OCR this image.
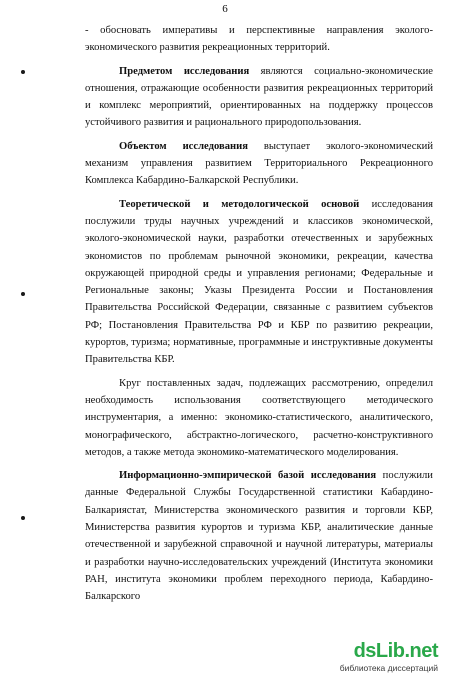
6

- обосновать императивы и перспективные направления эколого-экономического развития рекреационных территорий.

Предметом исследования являются социально-экономические отношения, отражающие особенности развития рекреационных территорий и комплекс мероприятий, ориентированных на поддержку процессов устойчивого развития и рационального природопользования.

Объектом исследования выступает эколого-экономический механизм управления развитием Территориального Рекреационного Комплекса Кабардино-Балкарской Республики.

Теоретической и методологической основой исследования послужили труды научных учреждений и классиков экономической, эколого-экономической науки, разработки отечественных и зарубежных экономистов по проблемам рыночной экономики, рекреации, качества окружающей природной среды и управления регионами; Федеральные и Региональные законы; Указы Президента России и Постановления Правительства Российской Федерации, связанные с развитием субъектов РФ; Постановления Правительства РФ и КБР по развитию рекреации, курортов, туризма; нормативные, программные и инструктивные документы Правительства КБР.

Круг поставленных задач, подлежащих рассмотрению, определил необходимость использования соответствующего методического инструментария, а именно: экономико-статистического, аналитического, монографического, абстрактно-логического, расчетно-конструктивного методов, а также метода экономико-математического моделирования.

Информационно-эмпирической базой исследования послужили данные Федеральной Службы Государственной статистики Кабардино-Балкариястат, Министерства экономического развития и торговли КБР, Министерства развития курортов и туризма КБР, аналитические данные отечественной и зарубежной справочной и научной литературы, материалы и разработки научно-исследовательских учреждений (Института экономики РАН, института экономики проблем переходного периода, Кабардино-Балкарского

dsLib.net
библиотека диссертаций
